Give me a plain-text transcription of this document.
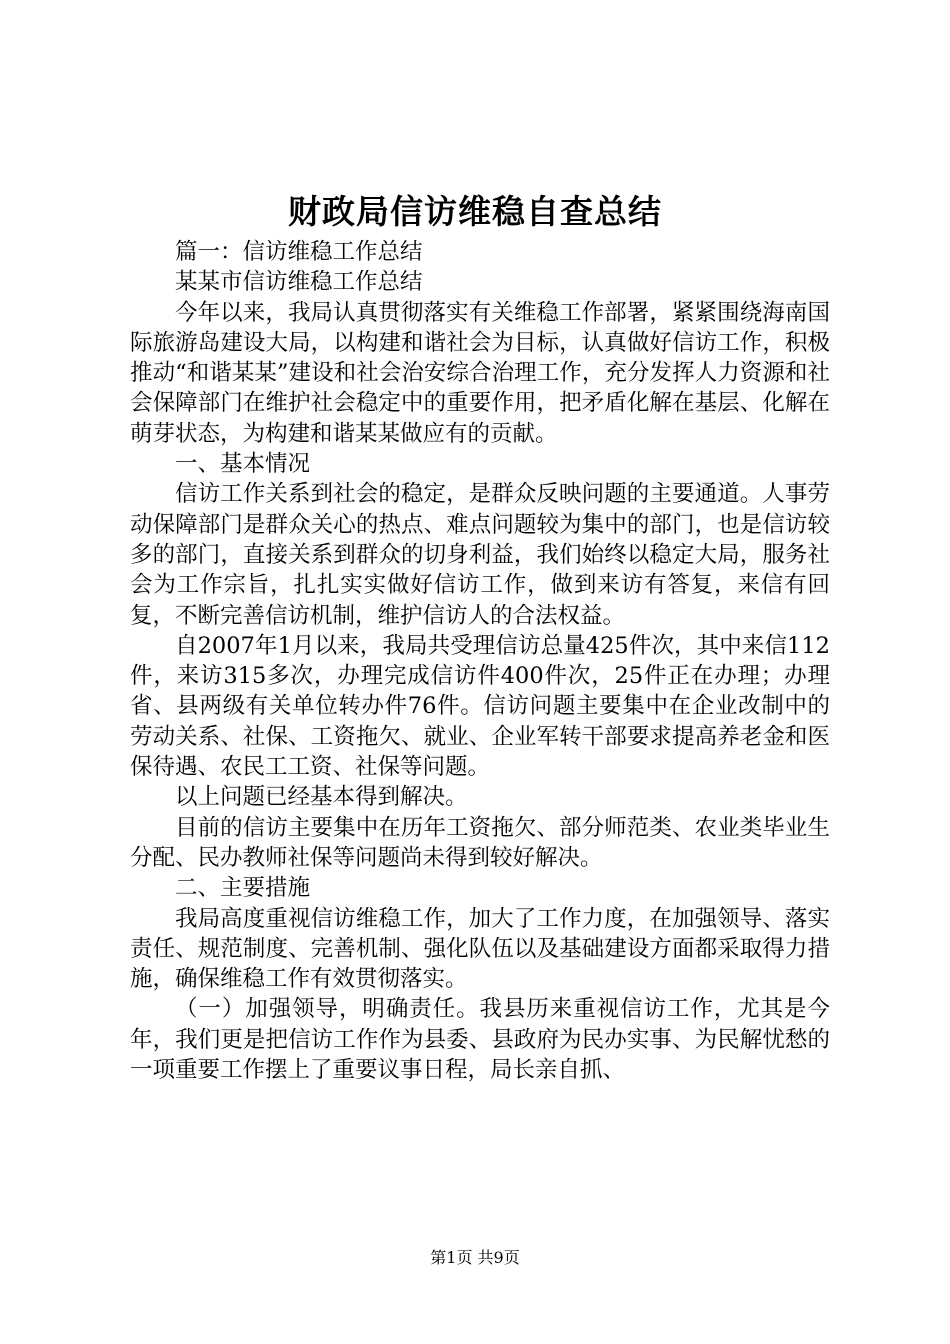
财政局信访维稳自查总结

篇一：信访维稳工作总结

某某市信访维稳工作总结

今年以来，我局认真贯彻落实有关维稳工作部署，紧紧围绕海南国际旅游岛建设大局，以构建和谐社会为目标，认真做好信访工作，积极推动“和谐某某”建设和社会治安综合治理工作，充分发挥人力资源和社会保障部门在维护社会稳定中的重要作用，把矛盾化解在基层、化解在萌芽状态，为构建和谐某某做应有的贡献。

一、基本情况

信访工作关系到社会的稳定，是群众反映问题的主要通道。人事劳动保障部门是群众关心的热点、难点问题较为集中的部门，也是信访较多的部门，直接关系到群众的切身利益，我们始终以稳定大局，服务社会为工作宗旨，扎扎实实做好信访工作，做到来访有答复，来信有回复，不断完善信访机制，维护信访人的合法权益。

自2007年1月以来，我局共受理信访总量425件次，其中来信112件，来访315多次，办理完成信访件400件次，25件正在办理；办理省、县两级有关单位转办件76件。信访问题主要集中在企业改制中的劳动关系、社保、工资拖欠、就业、企业军转干部要求提高养老金和医保待遇、农民工工资、社保等问题。

以上问题已经基本得到解决。

目前的信访主要集中在历年工资拖欠、部分师范类、农业类毕业生分配、民办教师社保等问题尚未得到较好解决。

二、主要措施

我局高度重视信访维稳工作，加大了工作力度，在加强领导、落实责任、规范制度、完善机制、强化队伍以及基础建设方面都采取得力措施，确保维稳工作有效贯彻落实。

（一）加强领导，明确责任。我县历来重视信访工作，尤其是今年，我们更是把信访工作作为县委、县政府为民办实事、为民解忧愁的一项重要工作摆上了重要议事日程，局长亲自抓、

第1页 共9页
